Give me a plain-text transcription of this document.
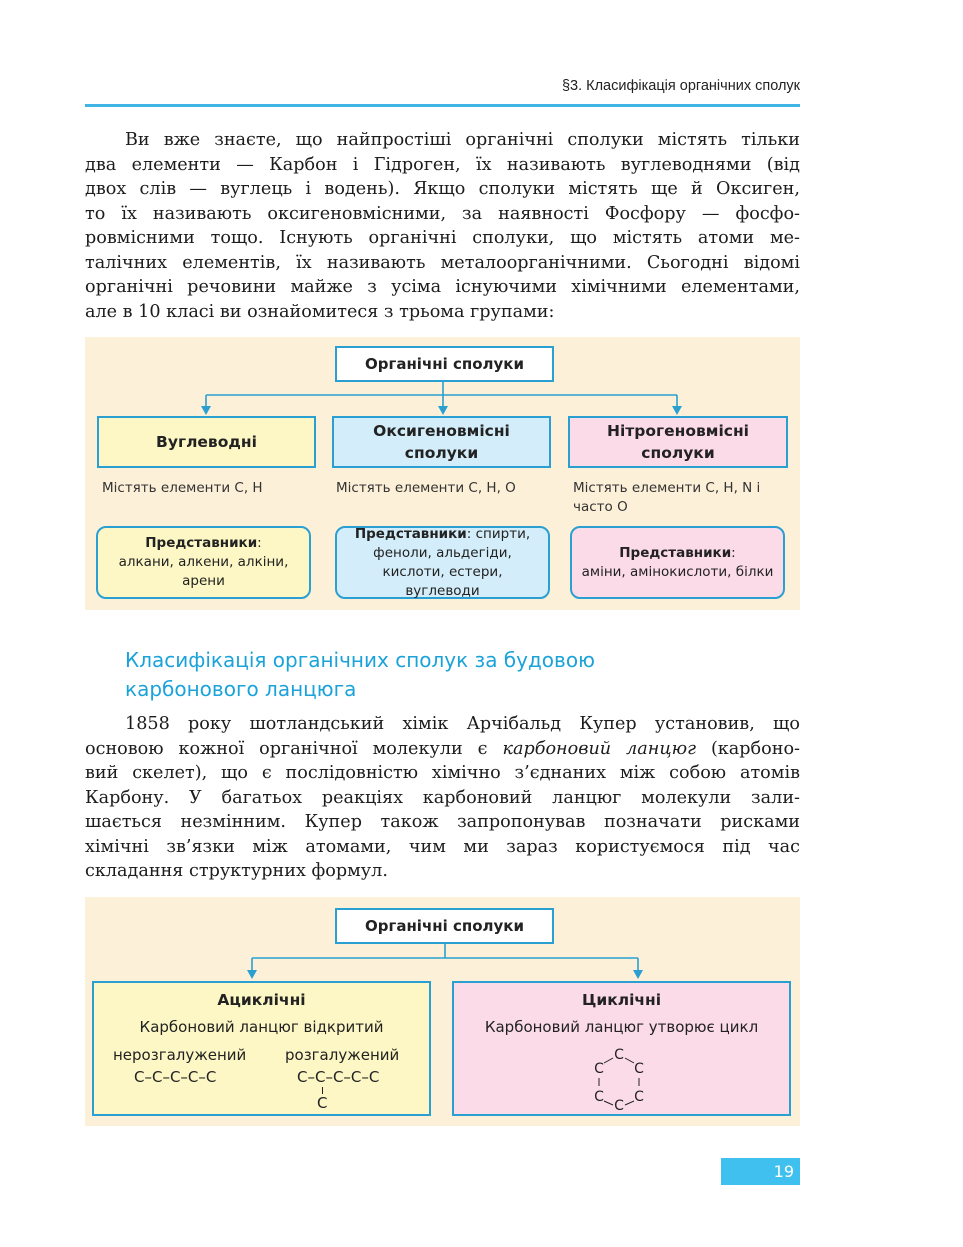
§3. Класифікація органічних сполук
Ви вже знаєте, що найпростіші органічні сполуки містять тільки
два елементи — Карбон і Гідроген, їх називають вуглеводнями (від
двох слів — вуглець і водень). Якщо сполуки містять ще й Оксиген,
то їх називають оксигеновмісними, за наявності Фосфору — фосфо-
ровмісними тощо. Існують органічні сполуки, що містять атоми ме-
талічних елементів, їх називають металоорганічними. Сьогодні відомі
органічні речовини майже з усіма існуючими хімічними елементами,
але в 10 класі ви ознайомитеся з трьома групами:
Органічні сполуки
Вуглеводні
Оксигеновмісні сполуки
Нітрогеновмісні сполуки
Містять елементи C, H	Містять елементи C, H, O	Містять елементи C, H, N і часто O
Представники:
алкани, алкени, алкіни, арени
Представники: спирти, феноли, альдегіди, кислоти, естери, вуглеводи
Представники:
аміни, амінокислоти, білки
Класифікація органічних сполук за будовою
карбонового ланцюга
1858 року шотландський хімік Арчібальд Купер установив, що
основою кожної органічної молекули є карбоновий ланцюг (карбоно-
вий скелет), що є послідовністю хімічно з’єднаних між собою атомів
Карбону. У багатьох реакціях карбоновий ланцюг молекули зали-
шається незмінним. Купер також запропонував позначати рисками
хімічні зв’язки між атомами, чим ми зараз користуємося під час
складання структурних формул.
Органічні сполуки
Ациклічні
Карбоновий ланцюг відкритий
нерозгалужений
C–C–C–C–C
розгалужений
C–C–C–C–C
C
Циклічні
Карбоновий ланцюг утворює цикл
C
C C
C C
C
19
